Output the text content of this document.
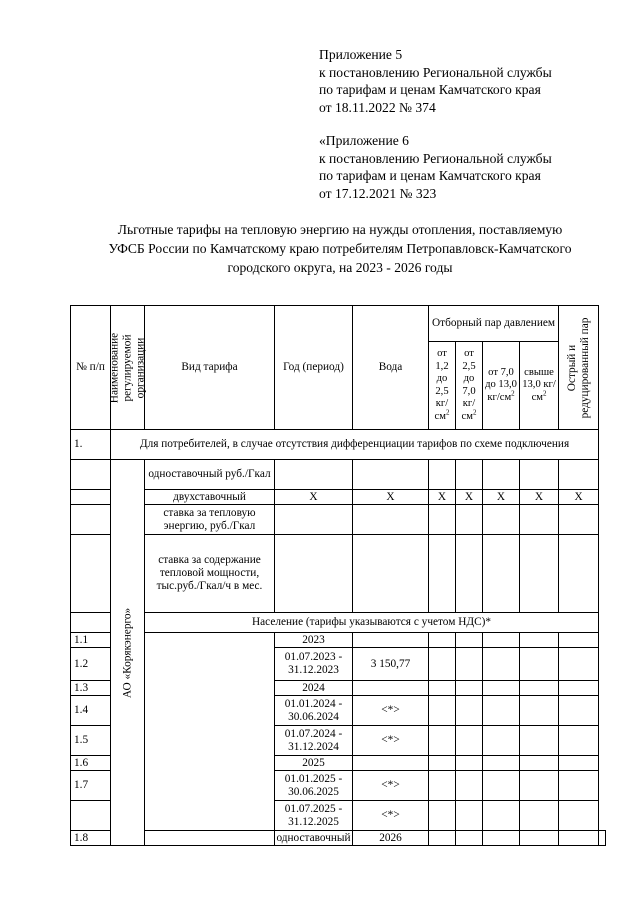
Приложение 5
к постановлению Региональной службы
по тарифам и ценам Камчатского края
от 18.11.2022 № 374
«Приложение 6
к постановлению Региональной службы
по тарифам и ценам Камчатского края
от 17.12.2021 № 323
Льготные тарифы на тепловую энергию на нужды отопления, поставляемую
УФСБ России по Камчатскому краю потребителям Петропавловск-Камчатского
городского округа, на 2023 - 2026 годы
№ п/п	Наименование регулируемой организации	Вид тарифа	Год (период)	Вода	Отборный пар давлением				Острый и редуцированный пар	

					от 1,2 до 2,5 $кг/см^2$	от 2,5 до 7,0 $кг/см^2$	от 7,0 до 13,0 $кг/см^2$	свыше 13,0 $кг/см^2$
1.	Для потребителей, в случае отсутствия дифференциации тарифов по схеме подключения									

	АО «Корякэнерго»	одноставочный руб./Гкал								
		двухставочный	Х	Х	Х	Х	Х	Х	Х	
		ставка за тепловую энергию, руб./Гкал								
		ставка за содержание тепловой мощности, тыс.руб./Гкал/ч в мес.								
		Население (тарифы указываются с учетом НДС)*								
1.1			2023							
1.2			01.07.2023 - 31.12.2023	3 150,77						
1.3			2024							
1.4			01.01.2024 - 30.06.2024	<*>						
1.5			01.07.2024 - 31.12.2024	<*>						
1.6			2025							
1.7			01.01.2025 - 30.06.2025	<*>						
			01.07.2025 - 31.12.2025	<*>						
1.8			одноставочный	2026						
